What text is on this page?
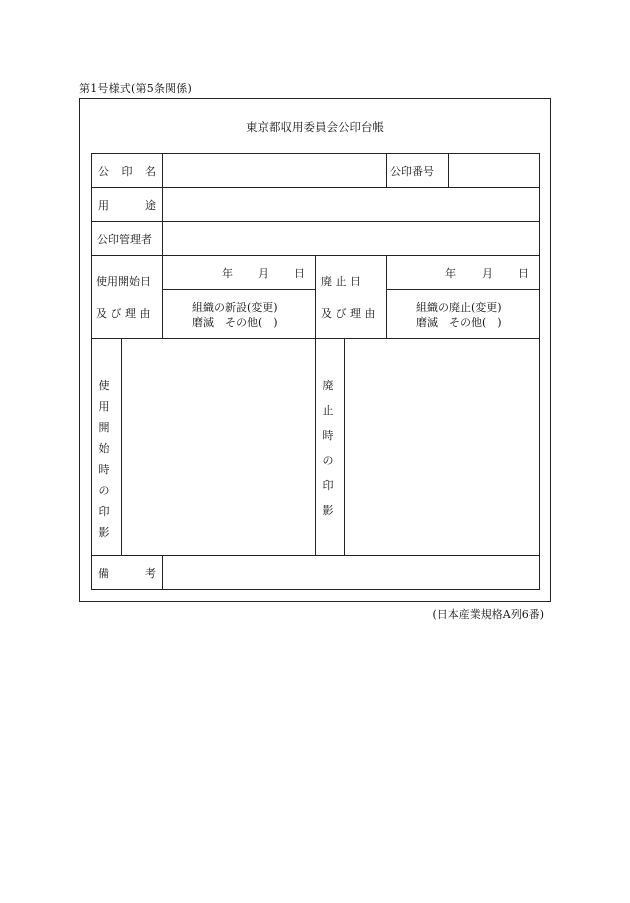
第1号様式(第5条関係)
東京都収用委員会公印台帳
公 印 名	公印番号
用 途
公印管理者
使用開始日
及 び 理 由
年 月 日
組織の新設(変更)
磨滅　その他(　)
廃 止 日
及 び 理 由
年 月 日
組織の廃止(変更)
磨滅　その他(　)
使
用
開
始
時
の
印
影
廃
止
時
の
印
影
備 考
(日本産業規格A列6番)
